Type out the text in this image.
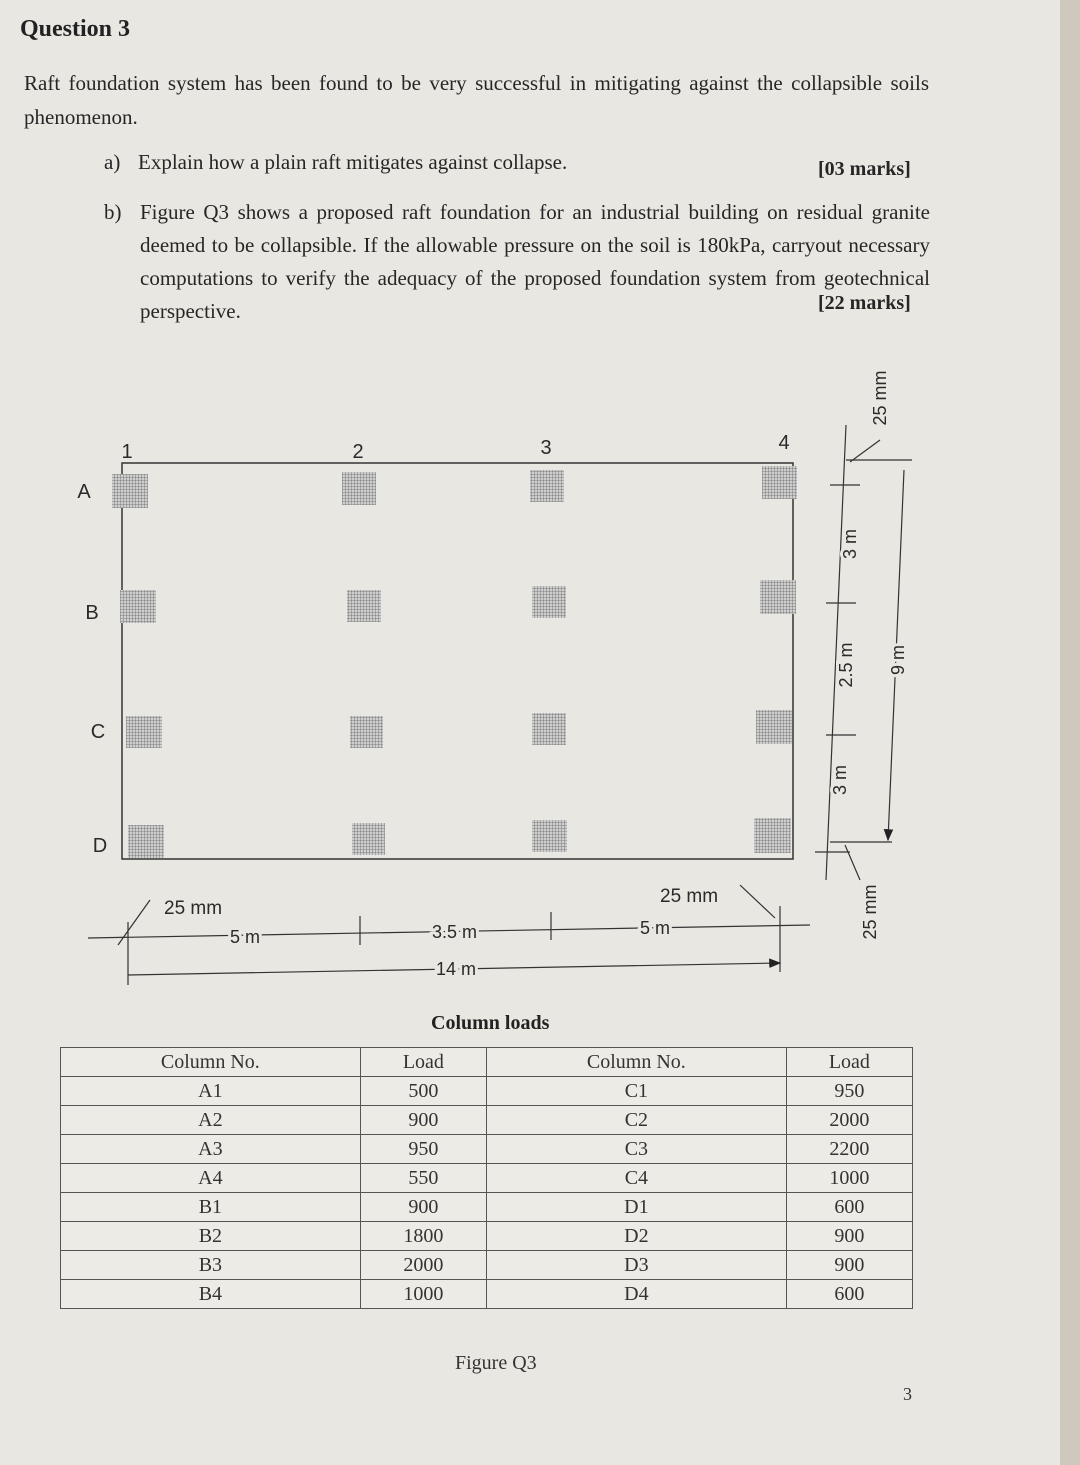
Question 3
Raft foundation system has been found to be very successful in mitigating against the collapsible soils phenomenon.
a) Explain how a plain raft mitigates against collapse.	[03 marks]
b) Figure Q3 shows a proposed raft foundation for an industrial building on residual granite deemed to be collapsible. If the allowable pressure on the soil is 180kPa, carryout necessary computations to verify the adequacy of the proposed foundation system from geotechnical perspective.	[22 marks]
1	2	3	4
A
B
C
D
25 mm
5 m	3.5 m	5 m
25 mm
14 m
25 mm
3 m
2.5 m
3 m
9 m
25 mm
Column loads
Column No.	Load	Column No.	Load
A1	500	C1	950
A2	900	C2	2000
A3	950	C3	2200
A4	550	C4	1000
B1	900	D1	600
B2	1800	D2	900
B3	2000	D3	900
B4	1000	D4	600
Figure Q3
3
